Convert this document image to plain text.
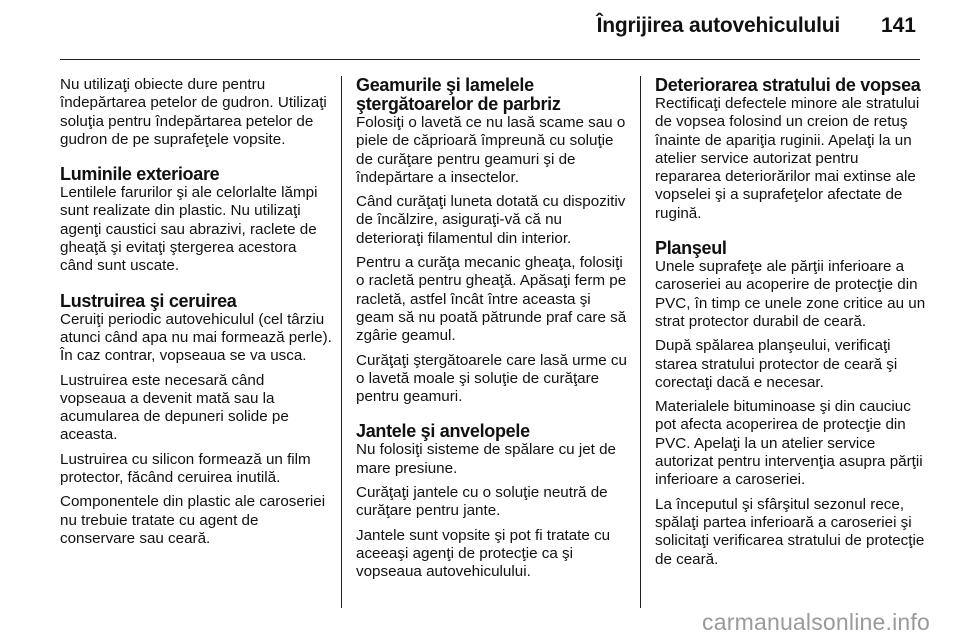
Îngrijirea autovehiculului 141

Nu utilizaţi obiecte dure pentru îndepărtarea petelor de gudron. Utilizaţi soluţia pentru îndepărtarea petelor de gudron de pe suprafeţele vopsite.

Luminile exterioare

Lentilele farurilor şi ale celorlalte lămpi sunt realizate din plastic. Nu utilizaţi agenţi caustici sau abrazivi, raclete de gheaţă şi evitaţi ştergerea acestora când sunt uscate.

Lustruirea şi ceruirea

Ceruiţi periodic autovehiculul (cel târziu atunci când apa nu mai formează perle). În caz contrar, vopseaua se va usca.

Lustruirea este necesară când vopseaua a devenit mată sau la acumularea de depuneri solide pe aceasta.

Lustruirea cu silicon formează un film protector, făcând ceruirea inutilă.

Componentele din plastic ale caroseriei nu trebuie tratate cu agent de conservare sau ceară.

Geamurile şi lamelele ştergătoarelor de parbriz

Folosiţi o lavetă ce nu lasă scame sau o piele de căprioară împreună cu soluţie de curăţare pentru geamuri şi de îndepărtare a insectelor.

Când curăţaţi luneta dotată cu dispozitiv de încălzire, asiguraţi-vă că nu deterioraţi filamentul din interior.

Pentru a curăţa mecanic gheaţa, folosiţi o racletă pentru gheaţă. Apăsaţi ferm pe racletă, astfel încât între aceasta şi geam să nu poată pătrunde praf care să zgârie geamul.

Curăţaţi ştergătoarele care lasă urme cu o lavetă moale şi soluţie de curăţare pentru geamuri.

Jantele şi anvelopele

Nu folosiţi sisteme de spălare cu jet de mare presiune.

Curăţaţi jantele cu o soluţie neutră de curăţare pentru jante.

Jantele sunt vopsite şi pot fi tratate cu aceeaşi agenţi de protecţie ca şi vopseaua autovehiculului.

Deteriorarea stratului de vopsea

Rectificaţi defectele minore ale stratului de vopsea folosind un creion de retuş înainte de apariţia ruginii. Apelaţi la un atelier service autorizat pentru repararea deteriorărilor mai extinse ale vopselei şi a suprafeţelor afectate de rugină.

Planşeul

Unele suprafeţe ale părţii inferioare a caroseriei au acoperire de protecţie din PVC, în timp ce unele zone critice au un strat protector durabil de ceară.

După spălarea planşeului, verificaţi starea stratului protector de ceară şi corectaţi dacă e necesar.

Materialele bituminoase şi din cauciuc pot afecta acoperirea de protecţie din PVC. Apelaţi la un atelier service autorizat pentru intervenţia asupra părţii inferioare a caroseriei.

La începutul şi sfârşitul sezonul rece, spălaţi partea inferioară a caroseriei şi solicitaţi verificarea stratului de protecţie de ceară.

carmanualsonline.info
